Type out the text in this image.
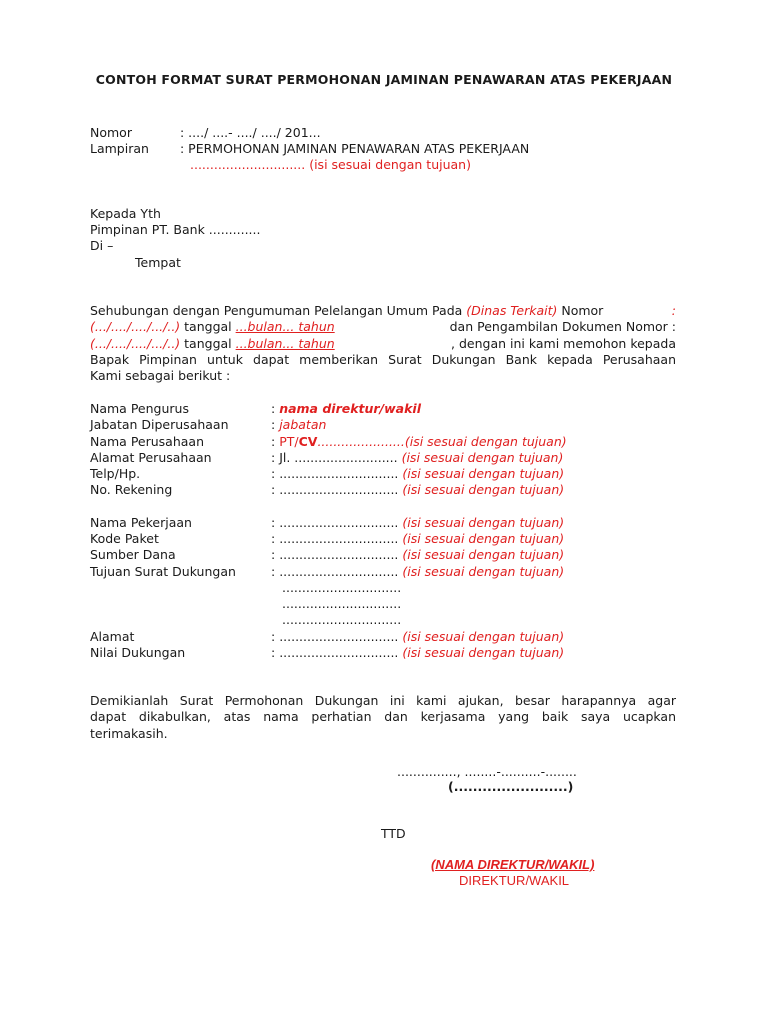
CONTOH FORMAT SURAT PERMOHONAN JAMINAN PENAWARAN ATAS PEKERJAAN
Nomor	: ..../ ....- ..../ ..../ 201...
Lampiran : PERMOHONAN JAMINAN PENAWARAN ATAS PEKERJAAN
............................. (isi sesuai dengan tujuan)
Kepada Yth
Pimpinan PT. Bank .............
Di –
Tempat
Sehubungan dengan Pengumuman Pelelangan Umum Pada (Dinas Terkait) Nomor	:
(.../..../..../.../..) tanggal ...bulan... tahun	dan Pengambilan Dokumen Nomor :
(.../..../..../.../..) tanggal ...bulan... tahun	, dengan ini kami memohon kepada
Bapak Pimpinan untuk dapat memberikan Surat Dukungan Bank kepada Perusahaan
Kami sebagai berikut :
Nama Pengurus	: nama direktur/wakil
Jabatan Diperusahaan	: jabatan
Nama Perusahaan	: PT/CV......................(isi sesuai dengan tujuan)
Alamat Perusahaan	: Jl. .......................... (isi sesuai dengan tujuan)
Telp/Hp.	: .............................. (isi sesuai dengan tujuan)
No. Rekening	: .............................. (isi sesuai dengan tujuan)
Nama Pekerjaan	: .............................. (isi sesuai dengan tujuan)
Kode Paket	: .............................. (isi sesuai dengan tujuan)
Sumber Dana	: .............................. (isi sesuai dengan tujuan)
Tujuan Surat Dukungan	: .............................. (isi sesuai dengan tujuan)
..............................
..............................
..............................
Alamat	: .............................. (isi sesuai dengan tujuan)
Nilai Dukungan	: .............................. (isi sesuai dengan tujuan)
Demikianlah Surat Permohonan Dukungan ini kami ajukan, besar harapannya agar
dapat dikabulkan, atas nama perhatian dan kerjasama yang baik saya ucapkan
terimakasih.
..............., ........-..........-........
(........................)
TTD
(NAMA DIREKTUR/WAKIL)
DIREKTUR/WAKIL
